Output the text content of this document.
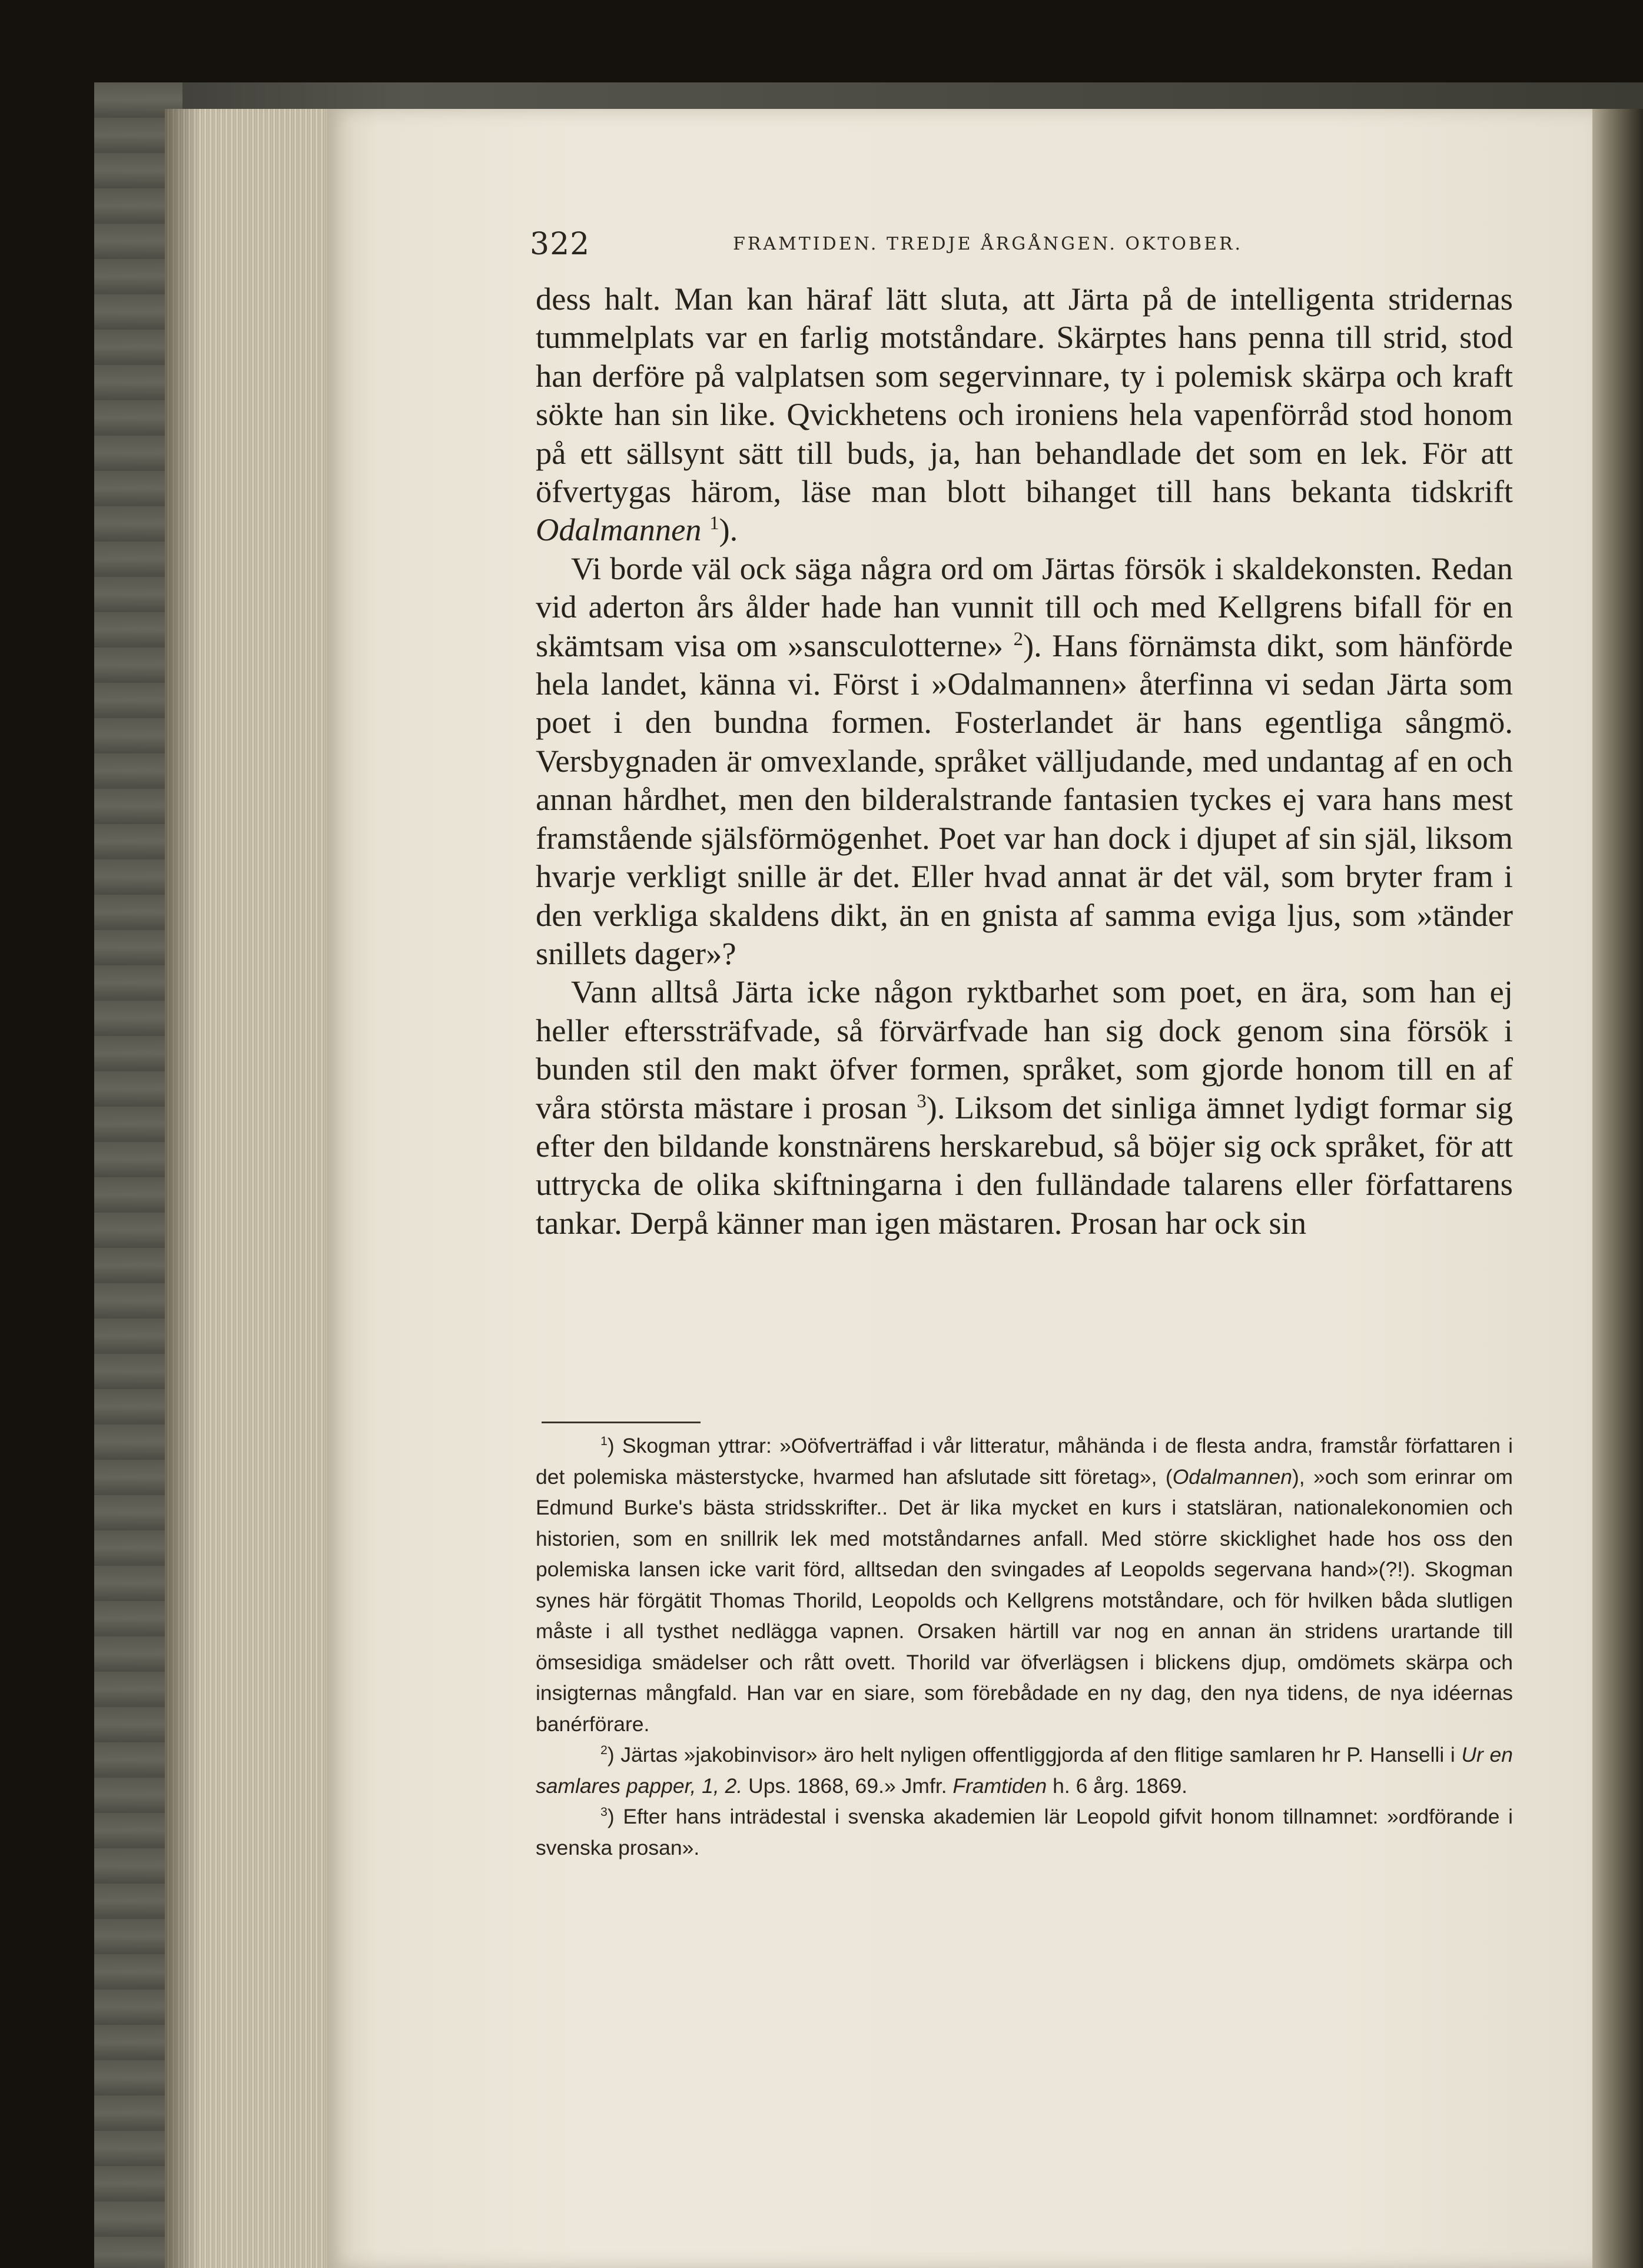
322	FRAMTIDEN. TREDJE ÅRGÅNGEN. OKTOBER.

dess halt. Man kan häraf lätt sluta, att Järta på de intelligenta stridernas tummelplats var en farlig motståndare. Skärptes hans penna till strid, stod han derföre på valplatsen som segervinnare, ty i polemisk skärpa och kraft sökte han sin like. Qvickhetens och ironiens hela vapenförråd stod honom på ett sällsynt sätt till buds, ja, han behandlade det som en lek. För att öfvertygas härom, läse man blott bihanget till hans bekanta tidskrift Odalmannen $^1$).

Vi borde väl ock säga några ord om Järtas försök i skaldekonsten. Redan vid aderton års ålder hade han vunnit till och med Kellgrens bifall för en skämtsam visa om »sansculotterne» $^2$). Hans förnämsta dikt, som hänförde hela landet, känna vi. Först i »Odalmannen» återfinna vi sedan Järta som poet i den bundna formen. Fosterlandet är hans egentliga sångmö. Versbygnaden är omvexlande, språket välljudande, med undantag af en och annan hårdhet, men den bilderalstrande fantasien tyckes ej vara hans mest framstående själsförmögenhet. Poet var han dock i djupet af sin själ, liksom hvarje verkligt snille är det. Eller hvad annat är det väl, som bryter fram i den verkliga skaldens dikt, än en gnista af samma eviga ljus, som »tänder snillets dager»?

Vann alltså Järta icke någon ryktbarhet som poet, en ära, som han ej heller efterssträfvade, så förvärfvade han sig dock genom sina försök i bunden stil den makt öfver formen, språket, som gjorde honom till en af våra största mästare i prosan $^3$). Liksom det sinliga ämnet lydigt formar sig efter den bildande konstnärens herskarebud, så böjer sig ock språket, för att uttrycka de olika skiftningarna i den fulländade talarens eller författarens tankar. Derpå känner man igen mästaren. Prosan har ock sin

$^1$) Skogman yttrar: »Oöfverträffad i vår litteratur, måhända i de flesta andra, framstår författaren i det polemiska mästerstycke, hvarmed han afslutade sitt företag», (Odalmannen), »och som erinrar om Edmund Burke's bästa stridsskrifter.. Det är lika mycket en kurs i statsläran, nationalekonomien och historien, som en snillrik lek med motståndarnes anfall. Med större skicklighet hade hos oss den polemiska lansen icke varit förd, alltsedan den svingades af Leopolds segervana hand»(?!). Skogman synes här förgätit Thomas Thorild, Leopolds och Kellgrens motståndare, och för hvilken båda slutligen måste i all tysthet nedlägga vapnen. Orsaken härtill var nog en annan än stridens urartande till ömsesidiga smädelser och rått ovett. Thorild var öfverlägsen i blickens djup, omdömets skärpa och insigternas mångfald. Han var en siare, som förebådade en ny dag, den nya tidens, de nya idéernas banérförare.

$^2$) Järtas »jakobinvisor» äro helt nyligen offentliggjorda af den flitige samlaren hr P. Hanselli i Ur en samlares papper, 1, 2. Ups. 1868, 69.» Jmfr. Framtiden h. 6 årg. 1869.

$^3$) Efter hans inträdestal i svenska akademien lär Leopold gifvit honom tillnamnet: »ordförande i svenska prosan».
